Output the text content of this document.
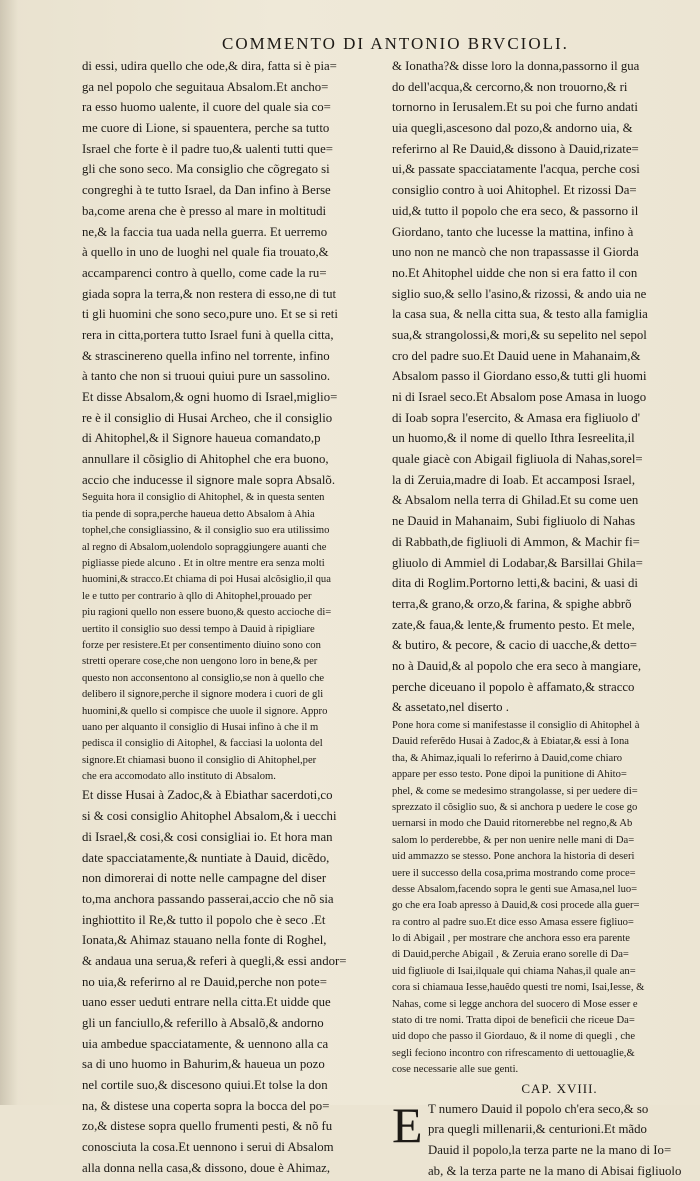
COMMENTO DI ANTONIO BRVCIOLI.
di essi, udira quello che ode,& dira, fatta si è pia=
ga nel popolo che seguitaua Absalom.Et ancho=
ra esso huomo ualente, il cuore del quale sia co=
me cuore di Lione, si spauentera, perche sa tutto
Israel che forte è il padre tuo,& ualenti tutti que=
gli che sono seco. Ma consiglio che cõgregato si
congreghi à te tutto Israel, da Dan infino à Berse
ba,come arena che è presso al mare in moltitudi
ne,& la faccia tua uada nella guerra. Et uerremo
à quello in uno de luoghi nel quale fia trouato,&
accamparenci contro à quello, come cade la ru=
giada sopra la terra,& non restera di esso,ne di tut
ti gli huomini che sono seco,pure uno. Et se si reti
rera in citta,portera tutto Israel funi à quella citta,
& strascinereno quella infino nel torrente, infino
à tanto che non si truoui quiui pure un sassolino.
Et disse Absalom,& ogni huomo di Israel,miglio=
re è il consiglio di Husai Archeo, che il consiglio
di Ahitophel,& il Signore haueua comandato,p
annullare il cõsiglio di Ahitophel che era buono,
accio che inducesse il signore male sopra Absalõ.
Seguita hora il consiglio di Ahitophel, & in questa senten
tia pende di sopra,perche haueua detto Absalom à Ahia
tophel,che consigliassino, & il consiglio suo era utilissimo
al regno di Absalom,uolendolo sopraggiungere auanti che
pigliasse piede alcuno . Et in oltre mentre era senza molti
huomini,& stracco.Et chiama di poi Husai alcõsiglio,il qua
le e tutto per contrario à qllo di Ahitophel,prouado per
piu ragioni quello non essere buono,& questo accioche di=
uertito il consiglio suo dessi tempo à Dauid à ripigliare
forze per resistere.Et per consentimento diuino sono con
stretti operare cose,che non uengono loro in bene,& per
questo non acconsentono al consiglio,se non à quello che
delibero il signore,perche il signore modera i cuori de gli
huomini,& quello si compisce che uuole il signore. Appro
uano per alquanto il consiglio di Husai infino à che il m
pedisca il consiglio di Aitophel, & facciasi la uolonta del
signore.Et chiamasi buono il consiglio di Ahitophel,per
che era accomodato allo instituto di Absalom.
Et disse Husai à Zadoc,& à Ebiathar sacerdoti,co
si & cosi consiglio Ahitophel Absalom,& i uecchi
di Israel,& cosi,& cosi consigliai io. Et hora man
date spacciatamente,& nuntiate à Dauid, dicẽdo,
non dimorerai di notte nelle campagne del diser
to,ma anchora passando passerai,accio che nõ sia
inghiottito il Re,& tutto il popolo che è seco .Et
Ionata,& Ahimaz stauano nella fonte di Roghel,
& andaua una serua,& referi à quegli,& essi andor=
no uia,& referirno al re Dauid,perche non pote=
uano esser ueduti entrare nella citta.Et uidde que
gli un fanciullo,& referillo à Absalõ,& andorno
uia ambedue spacciatamente, & uennono alla ca
sa di uno huomo in Bahurim,& haueua un pozo
nel cortile suo,& discesono quiui.Et tolse la don
na, & distese una coperta sopra la bocca del po=
zo,& distese sopra quello frumenti pesti, & nõ fu
conosciuta la cosa.Et uennono i serui di Absalom
alla donna nella casa,& dissono, doue è Ahimaz,
& Ionatha?& disse loro la donna,passorno il gua
do dell'acqua,& cercorno,& non trouorno,& ri
tornorno in Ierusalem.Et su poi che furno andati
uia quegli,ascesono dal pozo,& andorno uia, &
referirno al Re Dauid,& dissono à Dauid,rizate=
ui,& passate spacciatamente l'acqua, perche cosi
consiglio contro à uoi Ahitophel. Et rizossi Da=
uid,& tutto il popolo che era seco, & passorno il
Giordano, tanto che lucesse la mattina, infino à
uno non ne mancò che non trapassasse il Giorda
no.Et Ahitophel uidde che non si era fatto il con
siglio suo,& sello l'asino,& rizossi, & ando uia ne
la casa sua, & nella citta sua, & testo alla famiglia
sua,& strangolossi,& mori,& su sepelito nel sepol
cro del padre suo.Et Dauid uene in Mahanaim,&
Absalom passo il Giordano esso,& tutti gli huomi
ni di Israel seco.Et Absalom pose Amasa in luogo
di Ioab sopra l'esercito, & Amasa era figliuolo d'
un huomo,& il nome di quello Ithra Iesreelita,il
quale giacè con Abigail figliuola di Nahas,sorel=
la di Zeruia,madre di Ioab. Et accamposi Israel,
& Absalom nella terra di Ghilad.Et su come uen
ne Dauid in Mahanaim, Subi figliuolo di Nahas
di Rabbath,de figliuoli di Ammon, & Machir fi=
gliuolo di Ammiel di Lodabar,& Barsillai Ghila=
dita di Roglim.Portorno letti,& bacini, & uasi di
terra,& grano,& orzo,& farina, & spighe abbrõ
zate,& faua,& lente,& frumento pesto. Et mele,
& butiro, & pecore, & cacio di uacche,& detto=
no à Dauid,& al popolo che era seco à mangiare,
perche diceuano il popolo è affamato,& stracco
& assetato,nel diserto .
Pone hora come si manifestasse il consiglio di Ahitophel à
Dauid referẽdo Husai à Zadoc,& à Ebiatar,& essi à Iona
tha, & Ahimaz,iquali lo referirno à Dauid,come chiaro
appare per esso testo. Pone dipoi la punitione di Ahito=
phel, & come se medesimo strangolasse, si per uedere di=
sprezzato il cõsiglio suo, & si anchora p uedere le cose go
uernarsi in modo che Dauid ritornerebbe nel regno,& Ab
salom lo perderebbe, & per non uenire nelle mani di Da=
uid ammazzo se stesso. Pone anchora la historia di deseri
uere il successo della cosa,prima mostrando come proce=
desse Absalom,facendo sopra le genti sue Amasa,nel luo=
go che era Ioab apresso à Dauid,& cosi procede alla guer=
ra contro al padre suo.Et dice esso Amasa essere figliuo=
lo di Abigail , per mostrare che anchora esso era parente
di Dauid,perche Abigail , & Zeruia erano sorelle di Da=
uid figliuole di Isai,ilquale qui chiama Nahas,il quale an=
cora si chiamaua Iesse,hauẽdo questi tre nomi, Isai,Iesse, &
Nahas, come si legge anchora del suocero di Mose esser e
stato di tre nomi. Tratta dipoi de beneficii che riceue Da=
uid dopo che passo il Giordauo, & il nome di quegli , che
segli feciono incontro con rifrescamento di uettouaglie,&
cose necessarie alle sue genti.
CAP. XVIII.
E T numero Dauid il popolo ch'era seco,& so
pra quegli millenarii,& centurioni.Et mãdo
Dauid il popolo,la terza parte ne la mano di Io=
ab, & la terza parte ne la mano di Abisai figliuolo
